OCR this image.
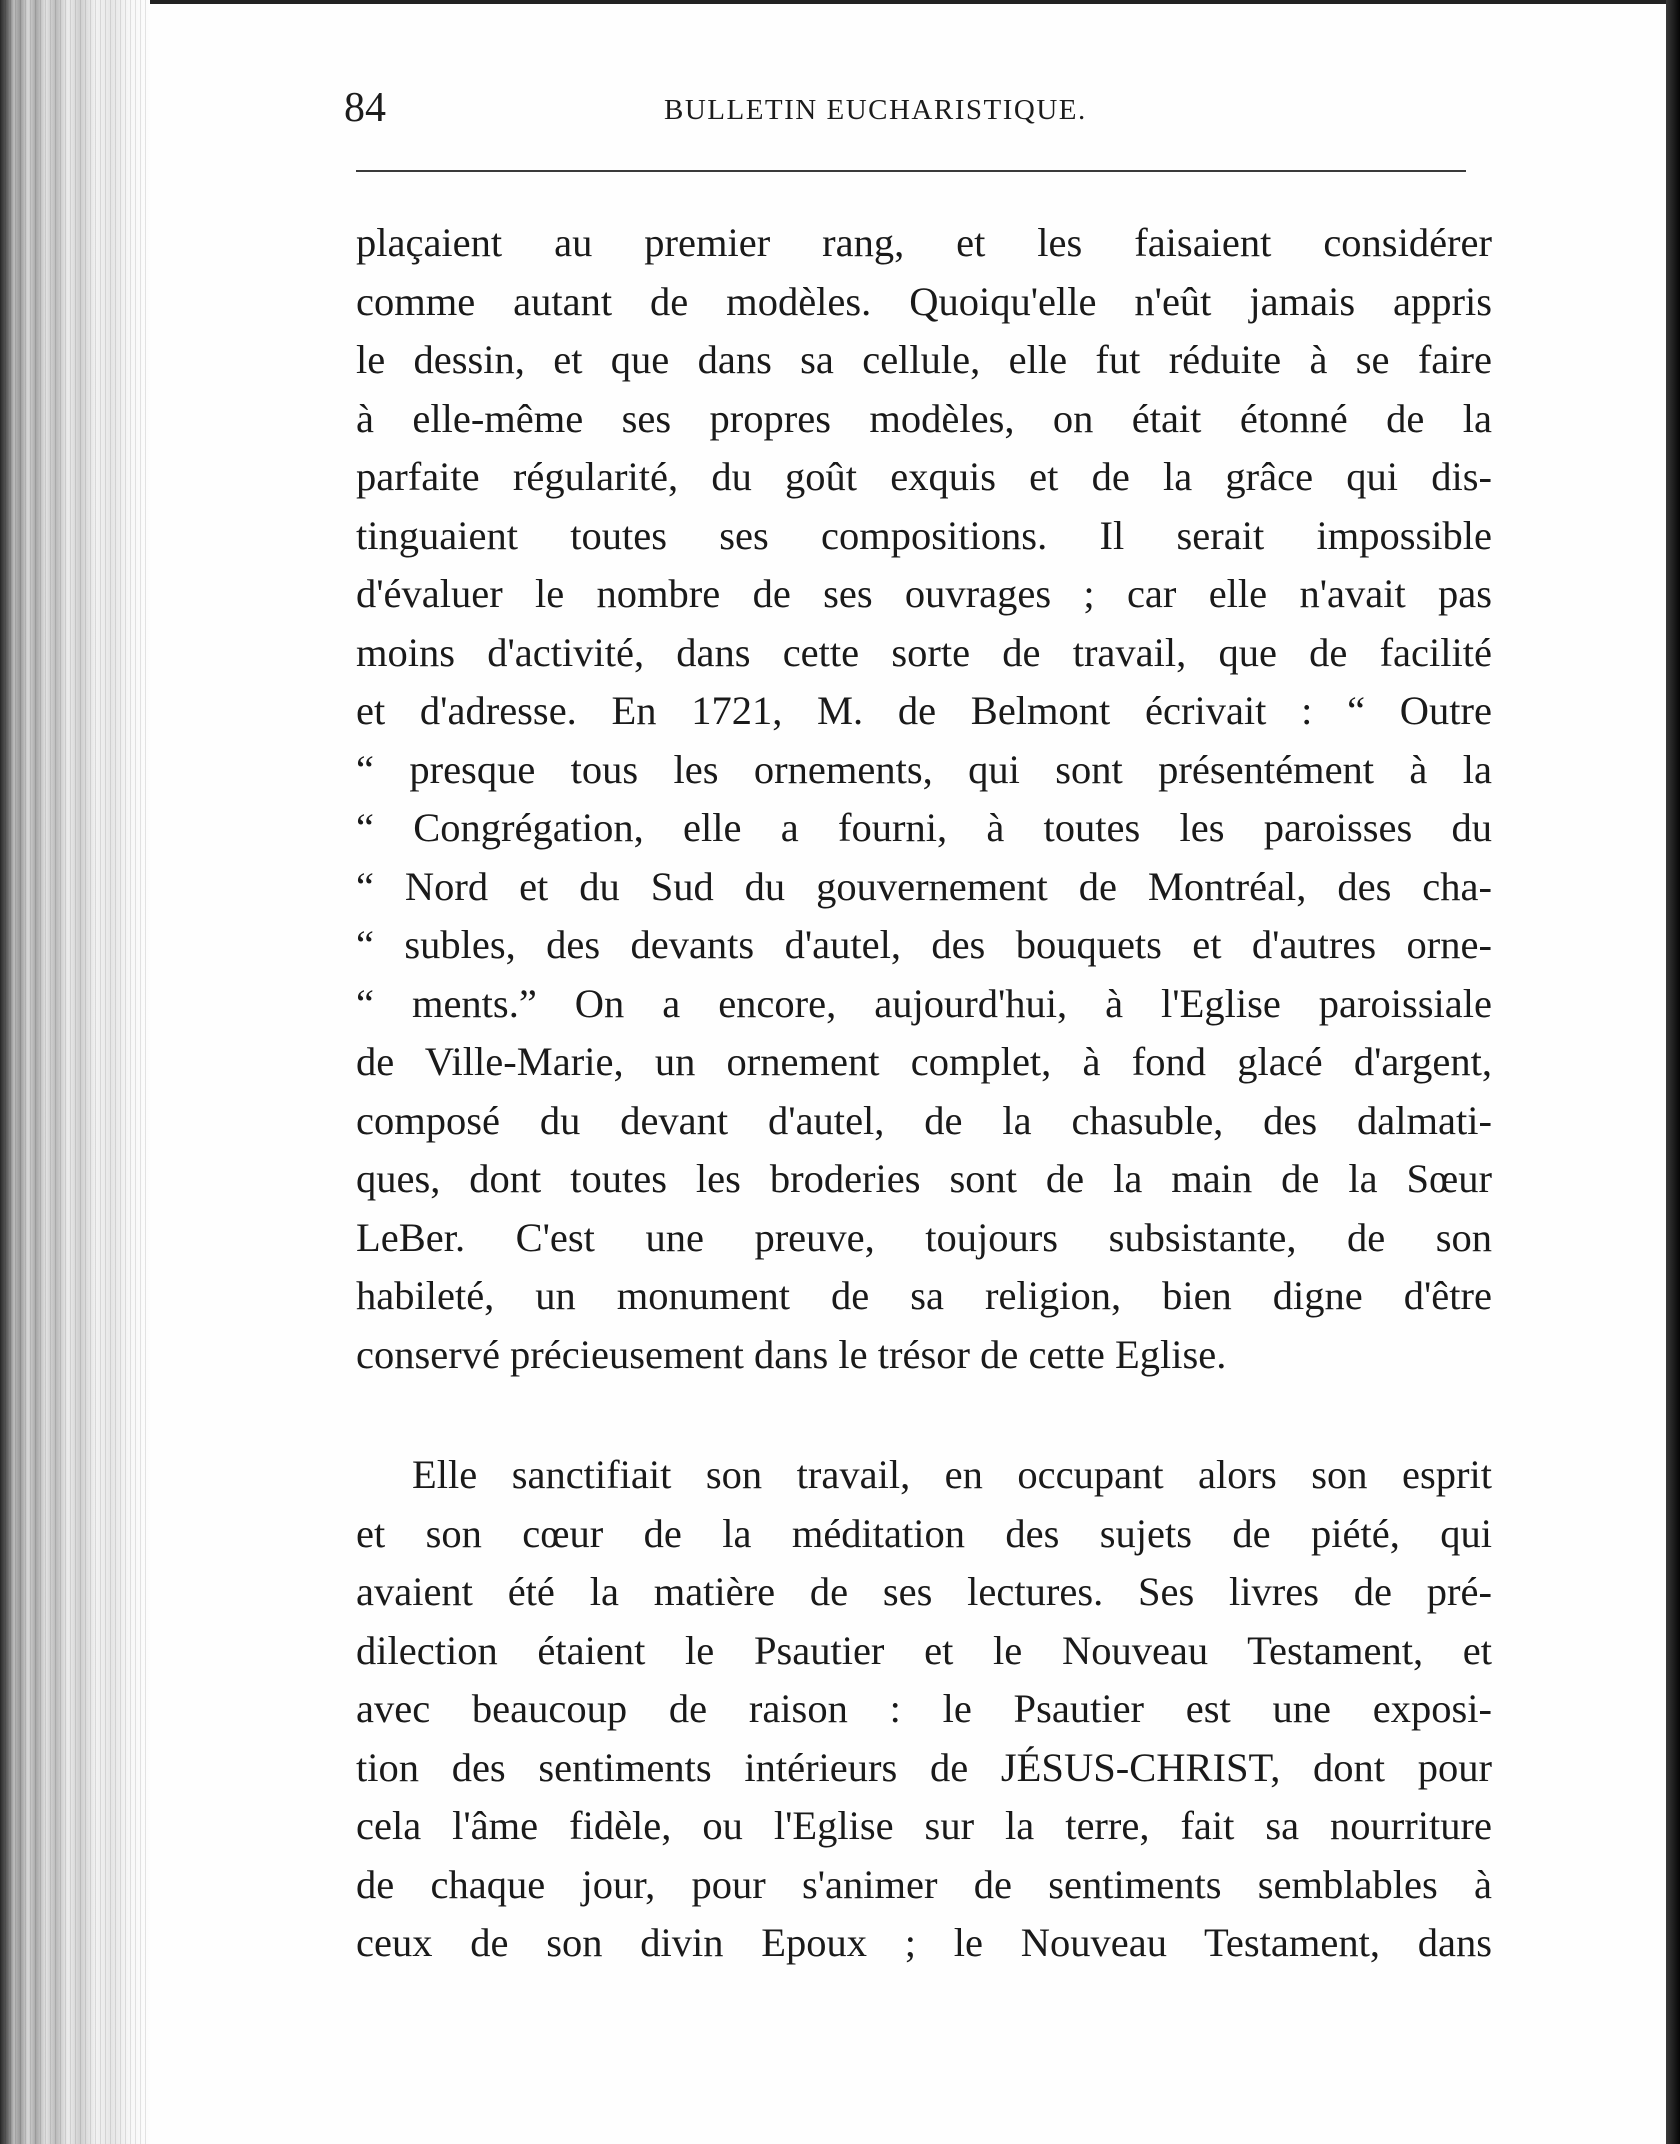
84	BULLETIN EUCHARISTIQUE.

plaçaient au premier rang, et les faisaient considérer
comme autant de modèles. Quoiqu'elle n'eût jamais appris
le dessin, et que dans sa cellule, elle fut réduite à se faire
à elle-même ses propres modèles, on était étonné de la
parfaite régularité, du goût exquis et de la grâce qui dis-
tinguaient toutes ses compositions. Il serait impossible
d'évaluer le nombre de ses ouvrages ; car elle n'avait pas
moins d'activité, dans cette sorte de travail, que de facilité
et d'adresse. En 1721, M. de Belmont écrivait : “ Outre
“ presque tous les ornements, qui sont présentément à la
“ Congrégation, elle a fourni, à toutes les paroisses du
“ Nord et du Sud du gouvernement de Montréal, des cha-
“ subles, des devants d'autel, des bouquets et d'autres orne-
“ ments.” On a encore, aujourd'hui, à l'Eglise paroissiale
de Ville-Marie, un ornement complet, à fond glacé d'argent,
composé du devant d'autel, de la chasuble, des dalmati-
ques, dont toutes les broderies sont de la main de la Sœur
LeBer. C'est une preuve, toujours subsistante, de son
habileté, un monument de sa religion, bien digne d'être
conservé précieusement dans le trésor de cette Eglise.

Elle sanctifiait son travail, en occupant alors son esprit
et son cœur de la méditation des sujets de piété, qui
avaient été la matière de ses lectures. Ses livres de pré-
dilection étaient le Psautier et le Nouveau Testament, et
avec beaucoup de raison : le Psautier est une exposi-
tion des sentiments intérieurs de JÉSUS-CHRIST, dont pour
cela l'âme fidèle, ou l'Eglise sur la terre, fait sa nourriture
de chaque jour, pour s'animer de sentiments semblables à
ceux de son divin Epoux ; le Nouveau Testament, dans
